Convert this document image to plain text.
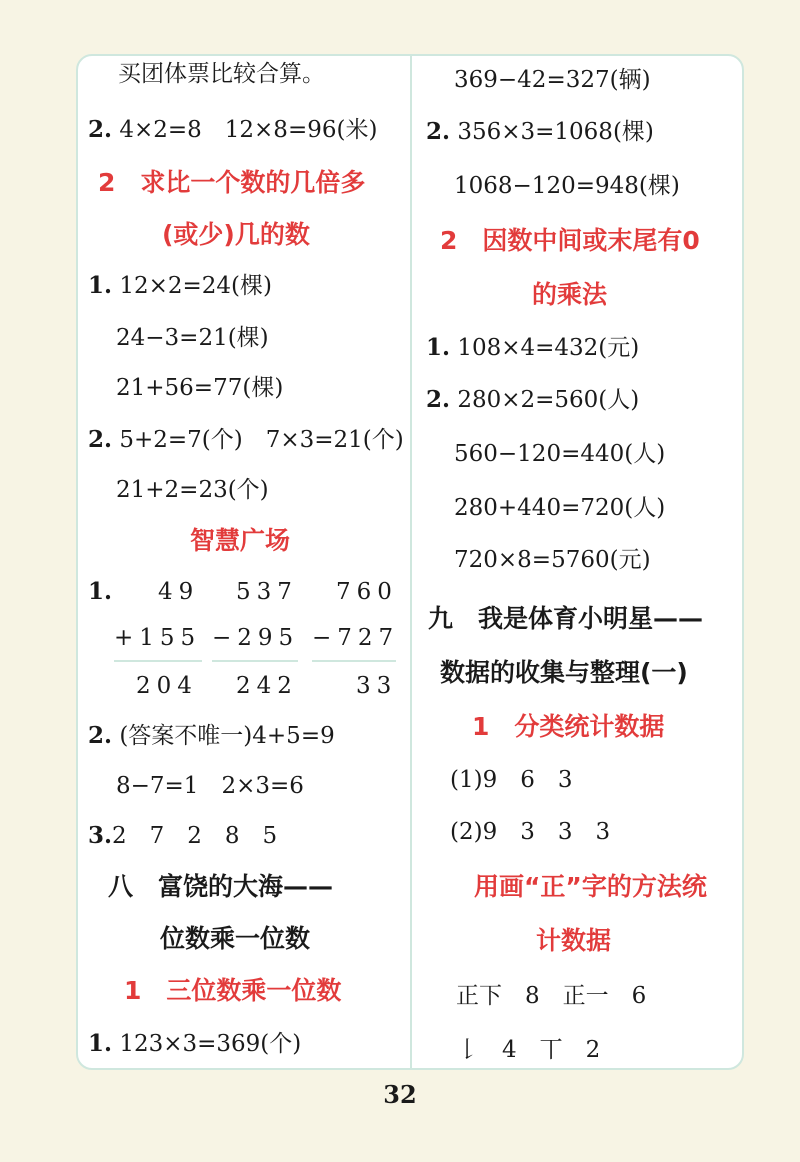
买团体票比较合算。
2. 4×2=8　12×8=96(米)
2　求比一个数的几倍多
(或少)几的数
1. 12×2=24(棵)
24−3=21(棵)
21+56=77(棵)
2. 5+2=7(个)　7×3=21(个)
21+2=23(个)
智慧广场
1. 49
+155
204
537
−295
242
760
−727
33
2. (答案不唯一)4+5=9
8−7=1　2×3=6
3.2　7　2　8　5
八　富饶的大海——
位数乘一位数
1　三位数乘一位数
1. 123×3=369(个)
369−42=327(辆)
2. 356×3=1068(棵)
1068−120=948(棵)
2　因数中间或末尾有0
的乘法
1. 108×4=432(元)
2. 280×2=560(人)
560−120=440(人)
280+440=720(人)
720×8=5760(元)
九　我是体育小明星——
数据的收集与整理(一)
1　分类统计数据
(1)9　6　3
(2)9　3　3　3
用画“正”字的方法统
计数据
正下　8　正一　6
𠄌　4　丅　2
32
